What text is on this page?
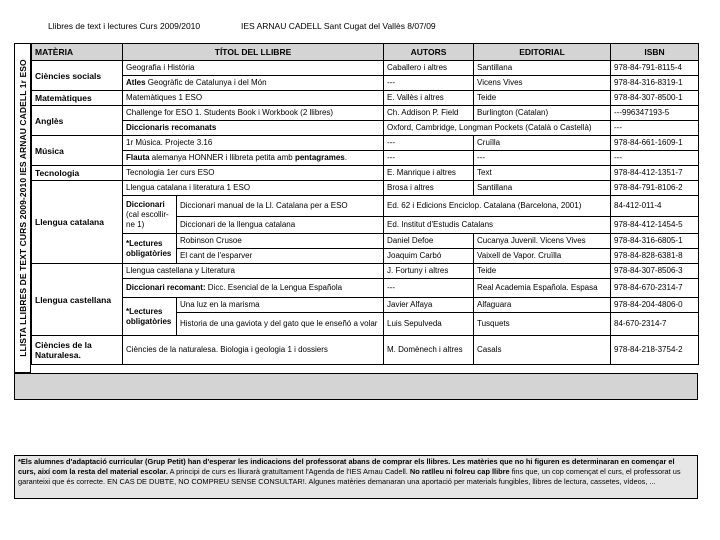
Llibres de text i lectures Curs 2009/2010	IES ARNAU CADELL Sant Cugat del Vallès 8/07/09
LLISTA LLIBRES DE TEXT CURS 2009-2010 IES ARNAU CADELL 1r ESO
MATÈRIA	TÍTOL DEL LLIBRE		AUTORS	EDITORIAL	ISBN
Ciències socials	Geografia i Història		Caballero i altres	Santillana	978-84-791-8115-4
	Atles Geogràfic de Catalunya i del Món		---	Vicens Vives	978-84-316-8319-1
Matemàtiques	Matemàtiques 1 ESO		E. Vallès i altres	Teide	978-84-307-8500-1
Anglès	Challenge for ESO 1. Students Book i Workbook (2 llibres)		Ch. Addison P. Field	Burlington (Catalan)	---996347193-5
	Diccionaris recomanats		Oxford, Cambridge, Longman Pockets (Català o Castellà)		---
Música	1r Música. Projecte 3.16		---	Cruïlla	978-84-661-1609-1
	Flauta alemanya HONNER i llibreta petita amb pentagrames.		---	---	---
Tecnologia	Tecnologia 1er curs ESO		E. Manrique i altres	Text	978-84-412-1351-7
Llengua catalana	Llengua catalana i literatura 1 ESO		Brosa i altres	Santillana	978-84-791-8106-2
	Diccionari (cal escollir-ne 1)	Diccionari manual de la Ll. Catalana per a ESO	Ed. 62 i Edicions Enciclop. Catalana (Barcelona, 2001)		84-412-011-4
		Diccionari de la llengua catalana	Ed. Institut d'Estudis Catalans		978-84-412-1454-5
	*Lectures obligatòries	Robinson Crusoe	Daniel Defoe	Cucanya Juvenil. Vicens Vives	978-84-316-6805-1
		El cant de l'esparver	Joaquim Carbó	Vaixell de Vapor. Cruïlla	978-84-828-6381-8
Llengua castellana	Llengua castellana y Literatura		J. Fortuny i altres	Teide	978-84-307-8506-3
	Diccionari recomant: Dicc. Esencial de la Lengua Española		---	Real Academia Española. Espasa	978-84-670-2314-7
	*Lectures obligatòries	Una luz en la marisma	Javier Alfaya	Alfaguara	978-84-204-4806-0
		Historia de una gaviota y del gato que le enseñó a volar	Luis Sepulveda	Tusquets	84-670-2314-7
Ciències de la Naturalesa.	Ciències de la naturalesa. Biologia i geologia 1 i dossiers		M. Domènech i altres	Casals	978-84-218-3754-2
*Els alumnes d'adaptació curricular (Grup Petit) han d'esperar les indicacions del professorat abans de comprar els llibres. Les matèries que no hi figuren es determinaran en començar el curs, així com la resta del material escolar. A principi de curs es lliurarà gratuïtament l'Agenda de l'IES Arnau Cadell. No ratlleu ni folreu cap llibre fins que, un cop començat el curs, el professorat us garanteixi que és correcte. EN CAS DE DUBTE, NO COMPREU SENSE CONSULTAR!. Algunes matèries demanaran una aportació per materials fungibles, llibres de lectura, cassetes, vídeos, ...
